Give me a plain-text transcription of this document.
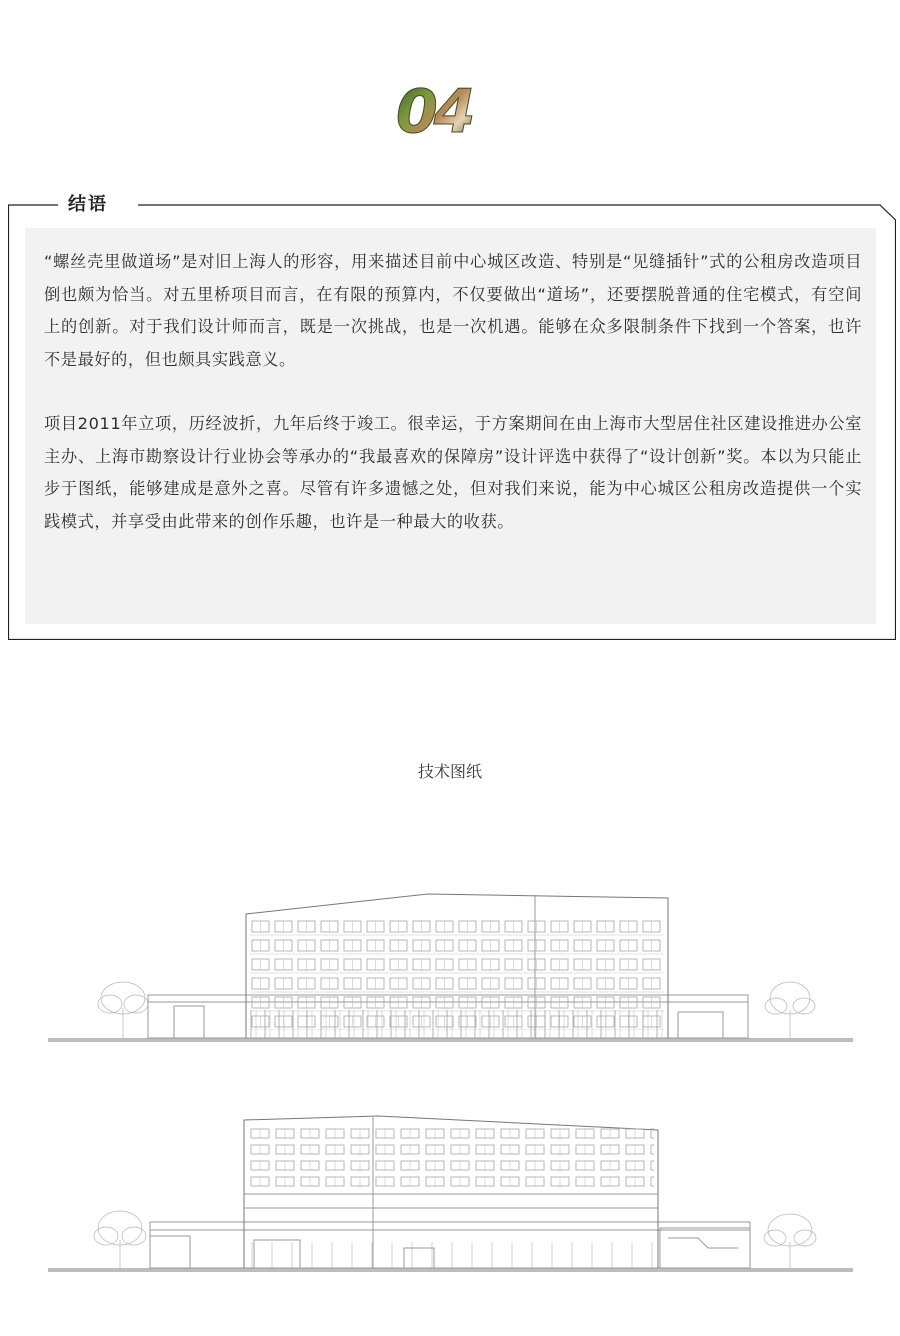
04
结语

“螺丝壳里做道场”是对旧上海人的形容，用来描述目前中心城区改造、特别是“见缝插针”式的公租房改造项目倒也颇为恰当。对五里桥项目而言，在有限的预算内，不仅要做出“道场”，还要摆脱普通的住宅模式，有空间上的创新。对于我们设计师而言，既是一次挑战，也是一次机遇。能够在众多限制条件下找到一个答案，也许不是最好的，但也颇具实践意义。

项目2011年立项，历经波折，九年后终于竣工。很幸运，于方案期间在由上海市大型居住社区建设推进办公室主办、上海市勘察设计行业协会等承办的“我最喜欢的保障房”设计评选中获得了“设计创新”奖。本以为只能止步于图纸，能够建成是意外之喜。尽管有许多遗憾之处，但对我们来说，能为中心城区公租房改造提供一个实践模式，并享受由此带来的创作乐趣，也许是一种最大的收获。

技术图纸
